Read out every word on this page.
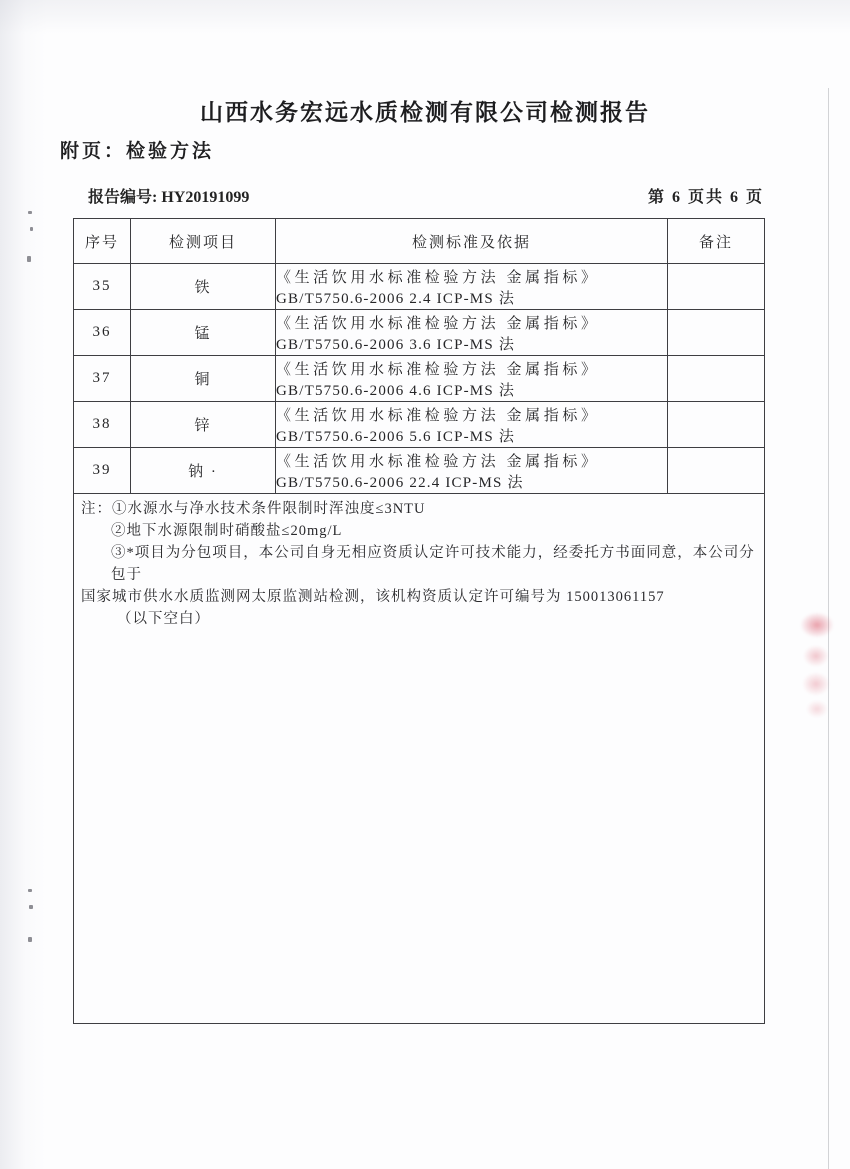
山西水务宏远水质检测有限公司检测报告
附页：检验方法
报告编号: HY20191099	第 6 页共 6 页
序号	检测项目	检测标准及依据	备注
35	铁	《生活饮用水标准检验方法 金属指标》
GB/T5750.6-2006 2.4 ICP-MS 法	

36	锰	《生活饮用水标准检验方法 金属指标》
GB/T5750.6-2006 3.6 ICP-MS 法	

37	铜	《生活饮用水标准检验方法 金属指标》
GB/T5750.6-2006 4.6 ICP-MS 法	

38	锌	《生活饮用水标准检验方法 金属指标》
GB/T5750.6-2006 5.6 ICP-MS 法	

39	钠 ·	《生活饮用水标准检验方法 金属指标》
GB/T5750.6-2006 22.4 ICP-MS 法	

注：①水源水与净水技术条件限制时浑浊度≤3NTU
②地下水源限制时硝酸盐≤20mg/L
③*项目为分包项目，本公司自身无相应资质认定许可技术能力，经委托方书面同意，本公司分包于
国家城市供水水质监测网太原监测站检测，该机构资质认定许可编号为 150013061157
（以下空白）			
